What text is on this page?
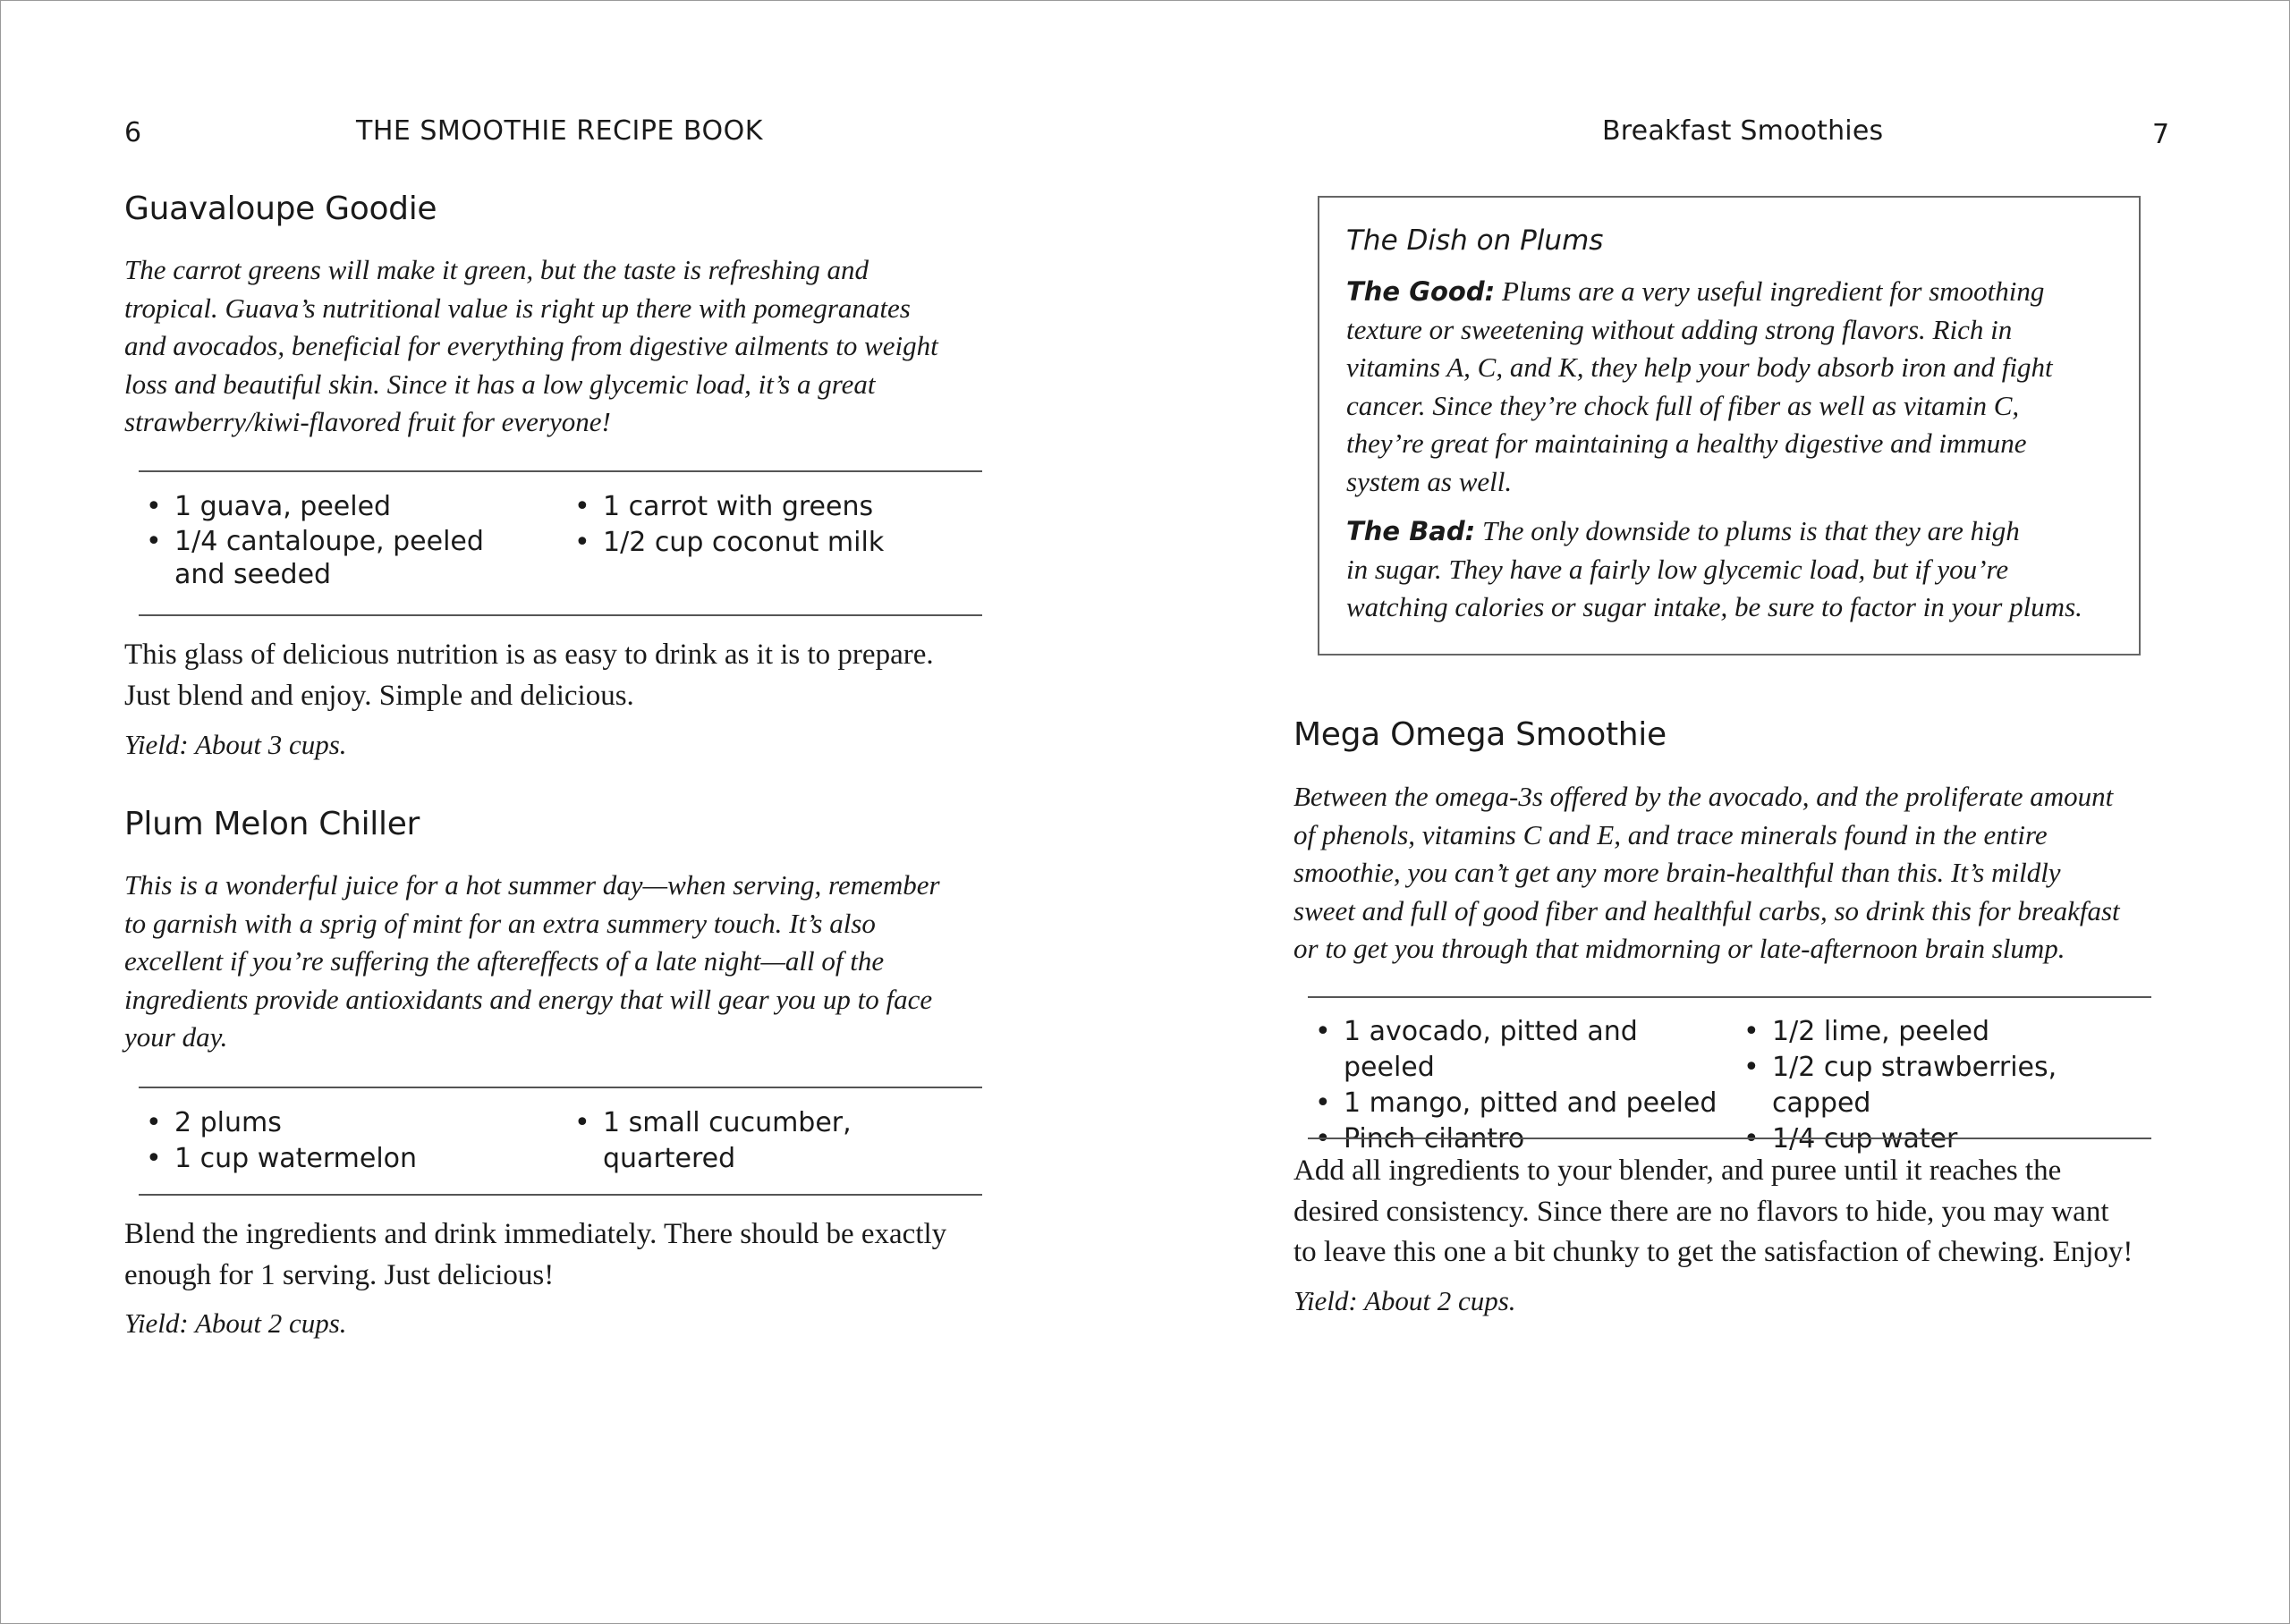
6	THE SMOOTHIE RECIPE BOOK
Guavaloupe Goodie
The carrot greens will make it green, but the taste is refreshing and
tropical. Guava’s nutritional value is right up there with pomegranates
and avocados, beneficial for everything from digestive ailments to weight
loss and beautiful skin. Since it has a low glycemic load, it’s a great
strawberry/kiwi-flavored fruit for everyone!
• 1 guava, peeled
• 1/4 cantaloupe, peeled and seeded
• 1 carrot with greens
• 1/2 cup coconut milk
This glass of delicious nutrition is as easy to drink as it is to prepare.
Just blend and enjoy. Simple and delicious.
Yield: About 3 cups.
Plum Melon Chiller
This is a wonderful juice for a hot summer day—when serving, remember
to garnish with a sprig of mint for an extra summery touch. It’s also
excellent if you’re suffering the aftereffects of a late night—all of the
ingredients provide antioxidants and energy that will gear you up to face
your day.
• 2 plums
• 1 cup watermelon
• 1 small cucumber, quartered
Blend the ingredients and drink immediately. There should be exactly
enough for 1 serving. Just delicious!
Yield: About 2 cups.
Breakfast Smoothies	7
The Dish on Plums
The Good: Plums are a very useful ingredient for smoothing
texture or sweetening without adding strong flavors. Rich in
vitamins A, C, and K, they help your body absorb iron and fight
cancer. Since they’re chock full of fiber as well as vitamin C,
they’re great for maintaining a healthy digestive and immune
system as well.
The Bad: The only downside to plums is that they are high
in sugar. They have a fairly low glycemic load, but if you’re
watching calories or sugar intake, be sure to factor in your plums.
Mega Omega Smoothie
Between the omega-3s offered by the avocado, and the proliferate amount
of phenols, vitamins C and E, and trace minerals found in the entire
smoothie, you can’t get any more brain-healthful than this. It’s mildly
sweet and full of good fiber and healthful carbs, so drink this for breakfast
or to get you through that midmorning or late-afternoon brain slump.
• 1 avocado, pitted and peeled
• 1 mango, pitted and peeled
• Pinch cilantro
• 1/2 lime, peeled
• 1/2 cup strawberries, capped
• 1/4 cup water
Add all ingredients to your blender, and puree until it reaches the
desired consistency. Since there are no flavors to hide, you may want
to leave this one a bit chunky to get the satisfaction of chewing. Enjoy!
Yield: About 2 cups.
